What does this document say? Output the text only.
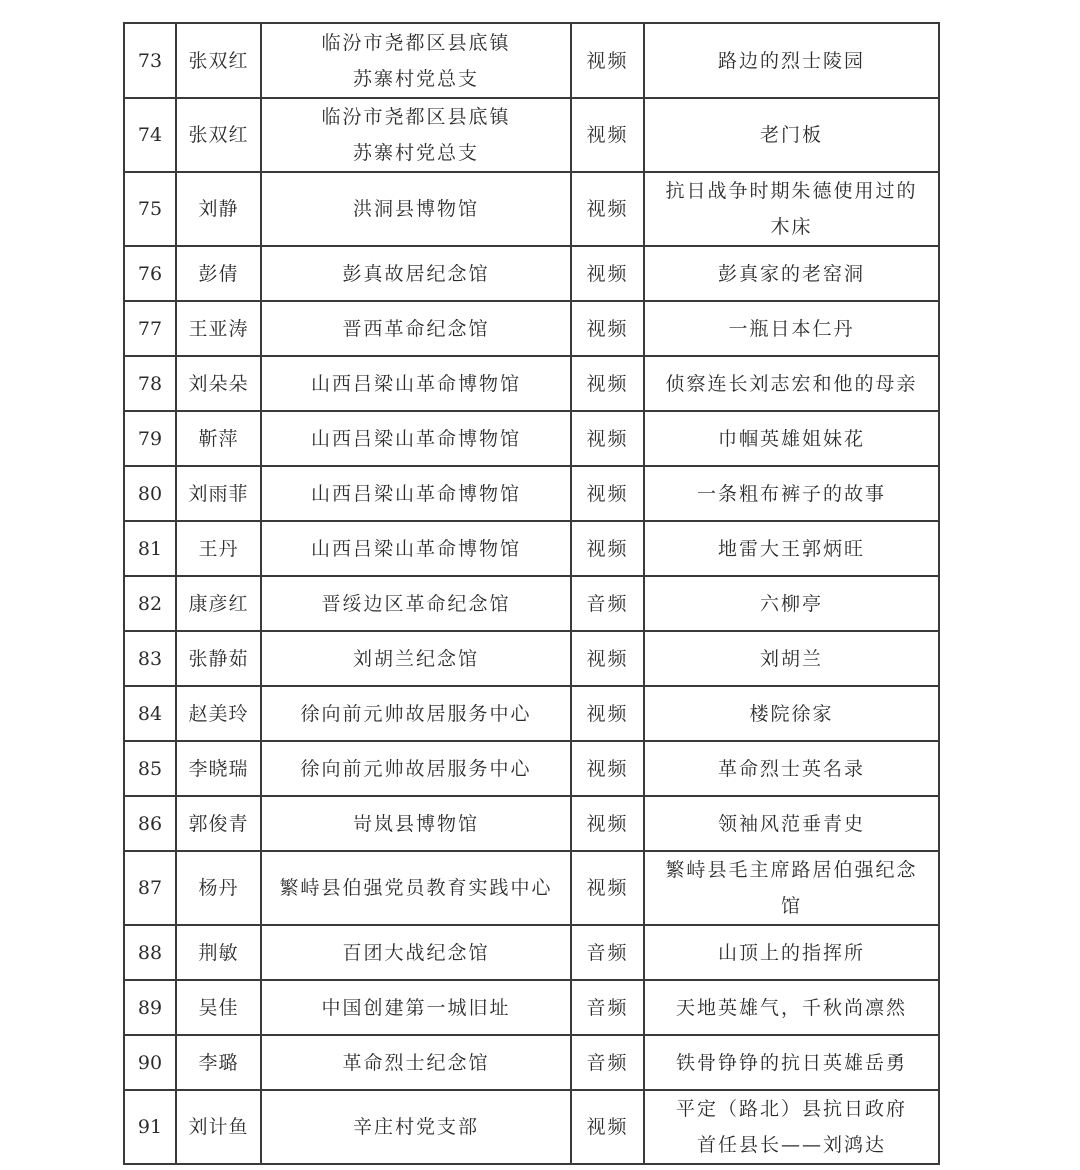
73	张双红	临汾市尧都区县底镇
苏寨村党总支	视频	路边的烈士陵园

74	张双红	临汾市尧都区县底镇
苏寨村党总支	视频	老门板

75	刘静	洪洞县博物馆	视频	抗日战争时期朱德使用过的
木床

76	彭倩	彭真故居纪念馆	视频	彭真家的老窑洞

77	王亚涛	晋西革命纪念馆	视频	一瓶日本仁丹

78	刘朵朵	山西吕梁山革命博物馆	视频	侦察连长刘志宏和他的母亲

79	靳萍	山西吕梁山革命博物馆	视频	巾帼英雄姐妹花

80	刘雨菲	山西吕梁山革命博物馆	视频	一条粗布裤子的故事

81	王丹	山西吕梁山革命博物馆	视频	地雷大王郭炳旺

82	康彦红	晋绥边区革命纪念馆	音频	六柳亭

83	张静茹	刘胡兰纪念馆	视频	刘胡兰

84	赵美玲	徐向前元帅故居服务中心	视频	楼院徐家

85	李晓瑞	徐向前元帅故居服务中心	视频	革命烈士英名录

86	郭俊青	岢岚县博物馆	视频	领袖风范垂青史

87	杨丹	繁峙县伯强党员教育实践中心	视频	繁峙县毛主席路居伯强纪念
馆

88	荆敏	百团大战纪念馆	音频	山顶上的指挥所

89	吴佳	中国创建第一城旧址	音频	天地英雄气，千秋尚凛然

90	李璐	革命烈士纪念馆	音频	铁骨铮铮的抗日英雄岳勇

91	刘计鱼	辛庄村党支部	视频	平定（路北）县抗日政府
首任县长——刘鸿达
